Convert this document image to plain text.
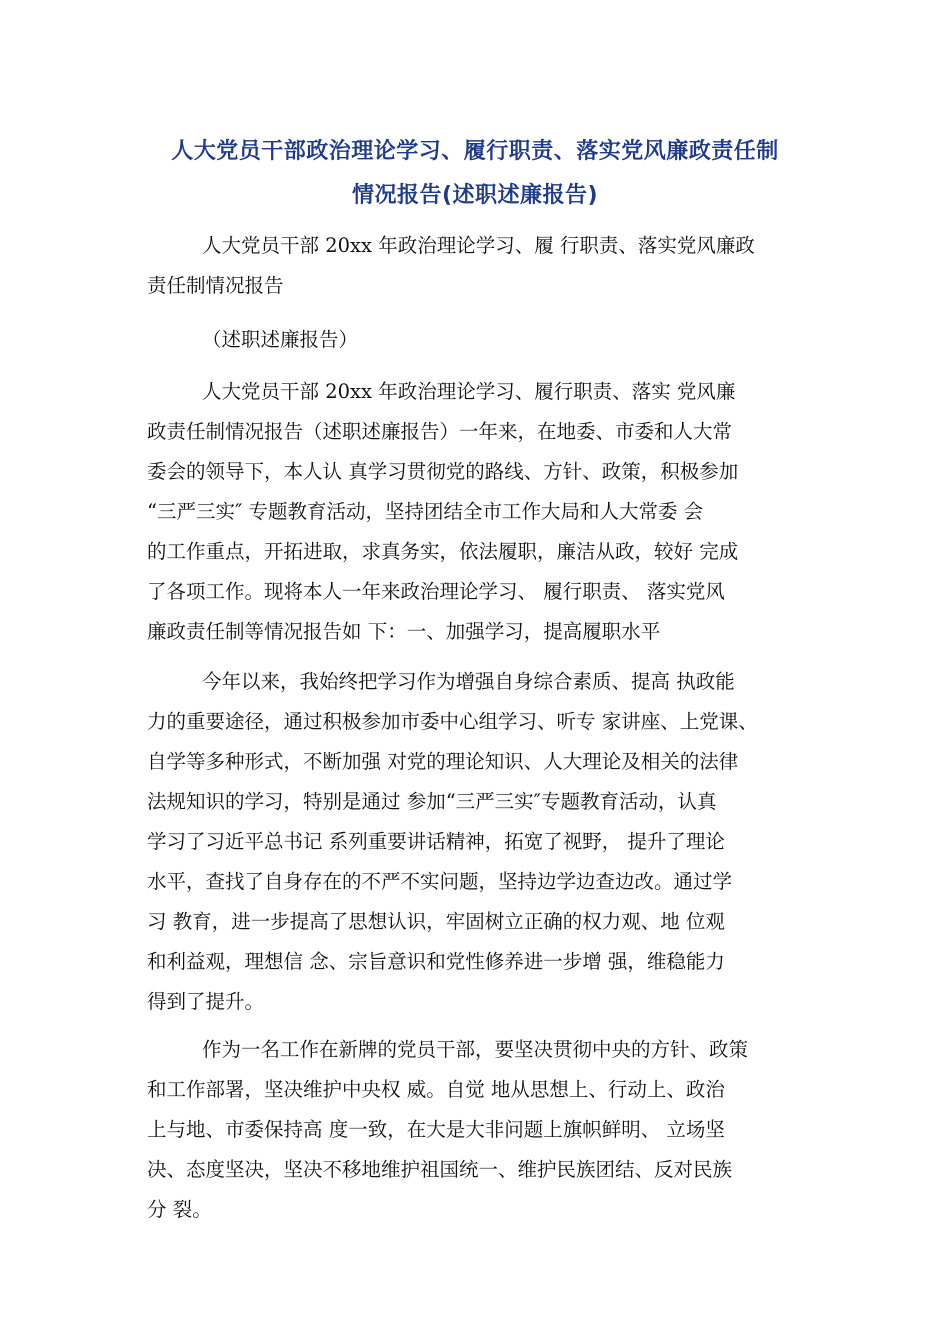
人大党员干部政治理论学习、履行职责、落实党风廉政责任制
情况报告(述职述廉报告)
人大党员干部 20xx 年政治理论学习、履 行职责、落实党风廉政
责任制情况报告
（述职述廉报告）
人大党员干部 20xx 年政治理论学习、履行职责、落实 党风廉
政责任制情况报告（述职述廉报告）一年来，在地委、市委和人大常
委会的领导下，本人认 真学习贯彻党的路线、方针、政策，积极参加
“三严三实″ 专题教育活动，坚持团结全市工作大局和人大常委 会
的工作重点，开拓进取，求真务实，依法履职，廉洁从政，较好 完成
了各项工作。现将本人一年来政治理论学习、 履行职责、 落实党风
廉政责任制等情况报告如 下：一、加强学习，提高履职水平
今年以来，我始终把学习作为增强自身综合素质、提高 执政能
力的重要途径，通过积极参加市委中心组学习、听专 家讲座、上党课、
自学等多种形式，不断加强 对党的理论知识、人大理论及相关的法律
法规知识的学习，特别是通过 参加“三严三实″专题教育活动，认真
学习了习近平总书记 系列重要讲话精神，拓宽了视野， 提升了理论
水平，查找了自身存在的不严不实问题，坚持边学边查边改。通过学
习 教育，进一步提高了思想认识，牢固树立正确的权力观、地 位观
和利益观，理想信 念、宗旨意识和党性修养进一步增 强，维稳能力
得到了提升。
作为一名工作在新牌的党员干部，要坚决贯彻中央的方针、政策
和工作部署，坚决维护中央权 威。自觉 地从思想上、行动上、政治
上与地、市委保持高 度一致，在大是大非问题上旗帜鲜明、 立场坚
决、态度坚决，坚决不移地维护祖国统一、维护民族团结、反对民族
分 裂。
